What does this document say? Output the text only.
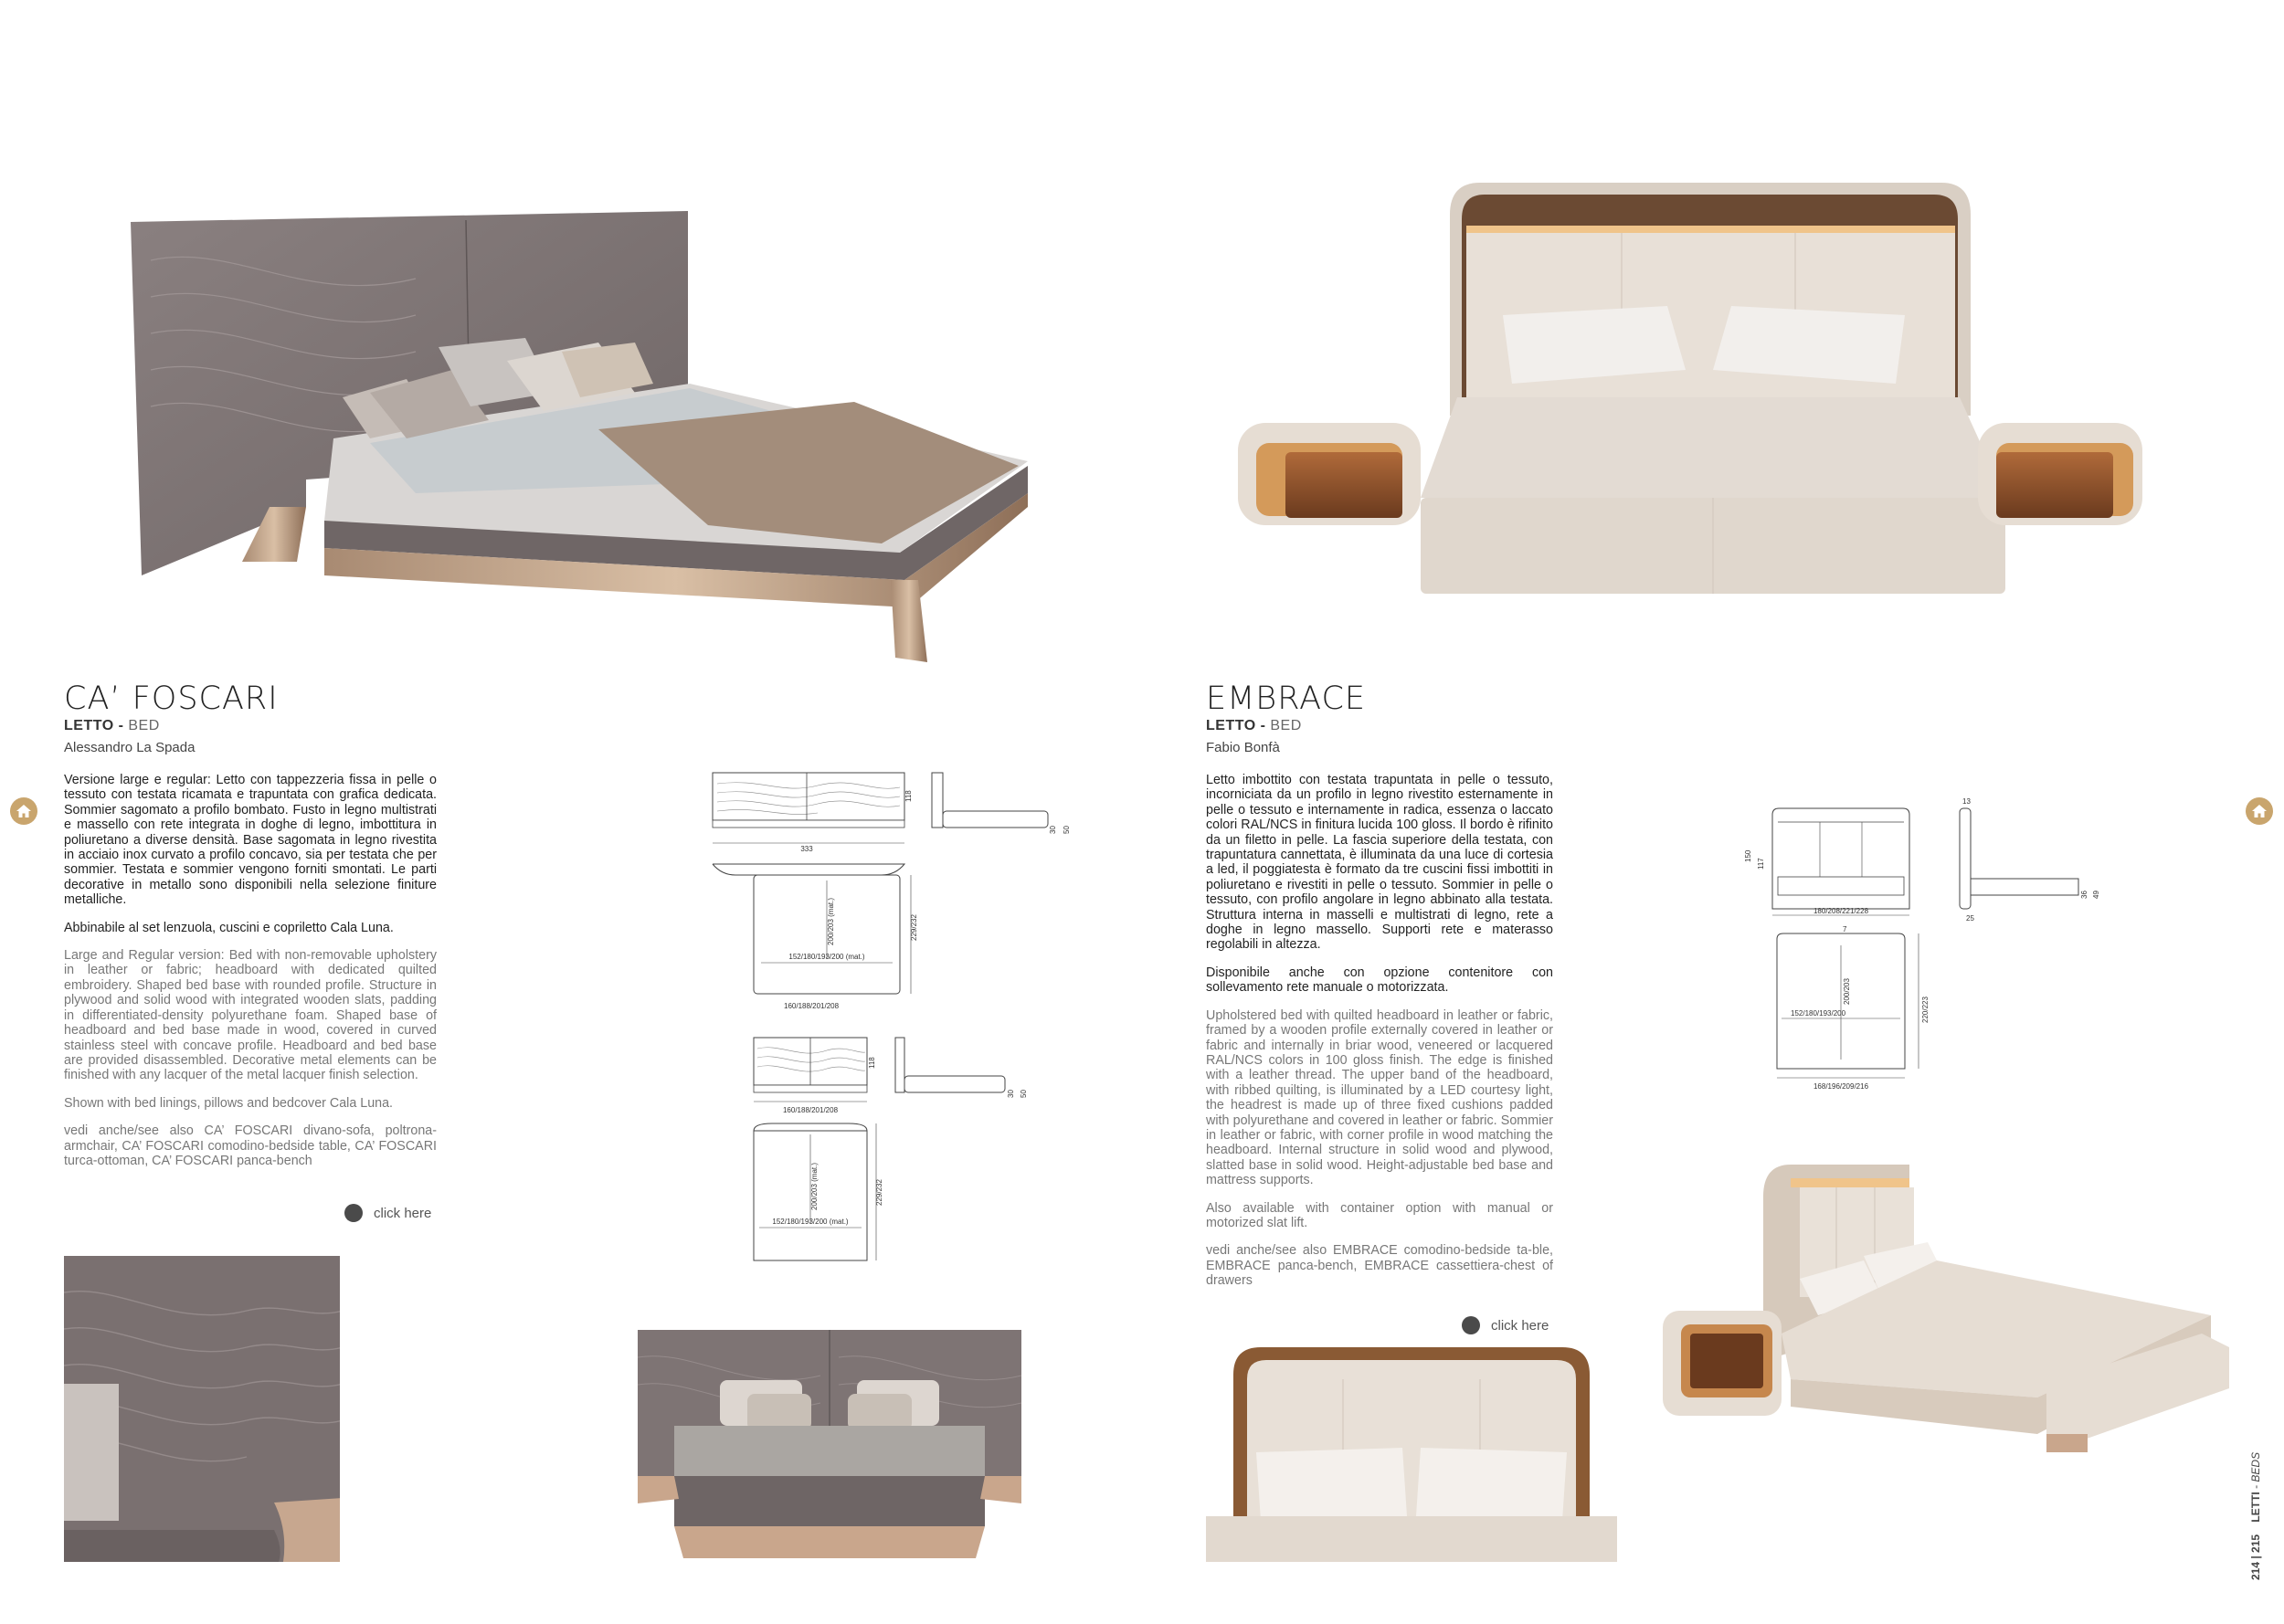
CA’ FOSCARI
LETTO - BED
Alessandro La Spada

Versione large e regular: Letto con tappezzeria fissa in pelle o tessuto con testata ricamata e trapuntata con grafica dedicata. Sommier sagomato a profilo bombato. Fusto in legno multistrati e massello con rete integrata in doghe di legno, imbottitura in poliuretano a diverse densità. Base sagomata in legno rivestita in acciaio inox curvato a profilo concavo, sia per testata che per sommier. Testata e sommier vengono forniti smontati. Le parti decorative in metallo sono disponibili nella selezione finiture metalliche.

Abbinabile al set lenzuola, cuscini e copriletto Cala Luna.

Large and Regular version: Bed with non-removable upholstery in leather or fabric; headboard with dedicated quilted embroidery. Shaped bed base with rounded profile. Structure in plywood and solid wood with integrated wooden slats, padding in differentiated-density polyurethane foam. Shaped base of headboard and bed base made in wood, covered in curved stainless steel with concave profile. Headboard and bed base are provided disassembled. Decorative metal elements can be finished with any lacquer of the metal lacquer finish selection.

Shown with bed linings, pillows and bedcover Cala Luna.

vedi anche/see also CA’ FOSCARI divano-sofa, poltrona-armchair, CA’ FOSCARI comodino-bedside table, CA’ FOSCARI turca-ottoman, CA’ FOSCARI panca-bench

click here
333
118
30 50
152/180/193/200 (mat.)
200/203 (mat.)	229/232
160/188/201/208
160/188/201/208
118
30 50
152/180/193/200 (mat.)
200/203 (mat.)	229/232
EMBRACE
LETTO - BED
Fabio Bonfà

Letto imbottito con testata trapuntata in pelle o tessuto, incorniciata da un profilo in legno rivestito esternamente in pelle o tessuto e internamente in radica, essenza o laccato colori RAL/NCS in finitura lucida 100 gloss. Il bordo è rifinito da un filetto in pelle. La fascia superiore della testata, con trapuntatura cannettata, è illuminata da una luce di cortesia a led, il poggiatesta è formato da tre cuscini fissi imbottiti in poliuretano e rivestiti in pelle o tessuto. Sommier in pelle o tessuto, con profilo angolare in legno abbinato alla testata. Struttura interna in masselli e multistrati di legno, rete a doghe in legno massello. Supporti rete e materasso regolabili in altezza.

Disponibile anche con opzione contenitore con sollevamento rete manuale o motorizzata.

Upholstered bed with quilted headboard in leather or fabric, framed by a wooden profile externally covered in leather or fabric and internally in briar wood, veneered or lacquered RAL/NCS colors in 100 gloss finish. The edge is finished with a leather thread. The upper band of the headboard, with ribbed quilting, is illuminated by a LED courtesy light, the headrest is made up of three fixed cushions padded with polyurethane and covered in leather or fabric. Sommier in leather or fabric, with corner profile in wood matching the headboard. Internal structure in solid wood and plywood, slatted base in solid wood. Height-adjustable bed base and mattress supports.

Also available with container option with manual or motorized slat lift.

vedi anche/see also EMBRACE comodino-bedside ta-ble, EMBRACE panca-bench, EMBRACE cassettiera-chest of drawers

click here
180/208/221/228
150
117
13
25
36 49
7
152/180/193/200
200/203
220/223
168/196/209/216
214 | 215    LETTI - BEDS
